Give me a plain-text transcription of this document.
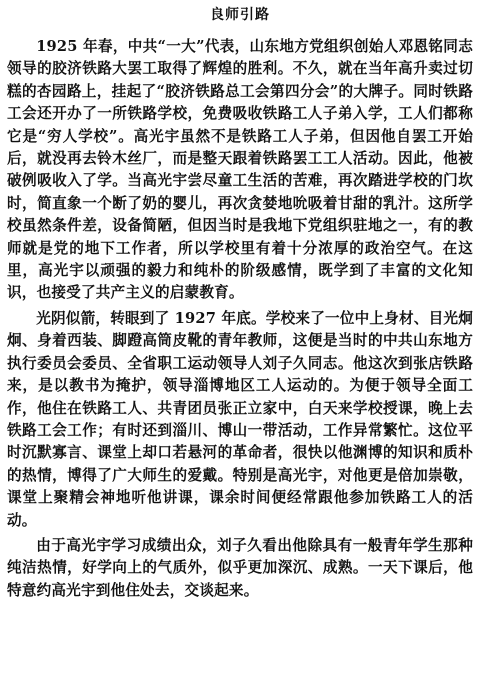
良师引路

1925 年春，中共“一大”代表，山东地方党组织创始人邓恩铭同志领导的胶济铁路大罢工取得了辉煌的胜利。不久，就在当年高升卖过切糕的杏园路上，挂起了“胶济铁路总工会第四分会”的大牌子。同时铁路工会还开办了一所铁路学校，免费吸收铁路工人子弟入学，工人们都称它是“穷人学校”。高光宇虽然不是铁路工人子弟，但因他自罢工开始后，就没再去铃木丝厂，而是整天跟着铁路罢工工人活动。因此，他被破例吸收入了学。当高光宇尝尽童工生活的苦难，再次踏进学校的门坎时，简直象一个断了奶的婴儿，再次贪婪地吮吸着甘甜的乳汁。这所学校虽然条件差，设备简陋，但因当时是我地下党组织驻地之一，有的教师就是党的地下工作者，所以学校里有着十分浓厚的政治空气。在这里，高光宇以顽强的毅力和纯朴的阶级感情，既学到了丰富的文化知识，也接受了共产主义的启蒙教育。

光阴似箭，转眼到了 1927 年底。学校来了一位中上身材、目光炯炯、身着西装、脚蹬高筒皮靴的青年教师，这便是当时的中共山东地方执行委员会委员、全省职工运动领导人刘子久同志。他这次到张店铁路来，是以教书为掩护，领导淄博地区工人运动的。为便于领导全面工作，他住在铁路工人、共青团员张正立家中，白天来学校授课，晚上去铁路工会工作；有时还到淄川、博山一带活动，工作异常繁忙。这位平时沉默寡言、课堂上却口若悬河的革命者，很快以他渊博的知识和质朴的热情，博得了广大师生的爱戴。特别是高光宇，对他更是倍加崇敬，课堂上聚精会神地听他讲课，课余时间便经常跟他参加铁路工人的活动。

由于高光宇学习成绩出众，刘子久看出他除具有一般青年学生那种纯洁热情，好学向上的气质外，似乎更加深沉、成熟。一天下课后，他特意约高光宇到他住处去，交谈起来。
